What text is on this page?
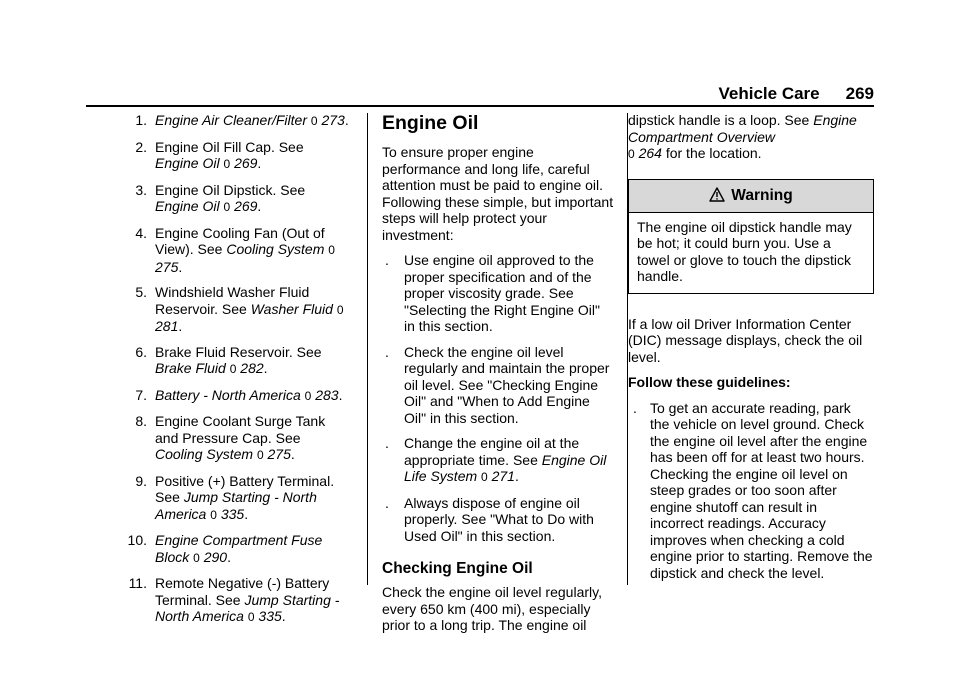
Vehicle Care 269
1. Engine Air Cleaner/Filter 0 273.
2. Engine Oil Fill Cap. See Engine Oil 0 269.
3. Engine Oil Dipstick. See Engine Oil 0 269.
4. Engine Cooling Fan (Out of View). See Cooling System 0 275.
5. Windshield Washer Fluid Reservoir. See Washer Fluid 0 281.
6. Brake Fluid Reservoir. See Brake Fluid 0 282.
7. Battery - North America 0 283.
8. Engine Coolant Surge Tank and Pressure Cap. See Cooling System 0 275.
9. Positive (+) Battery Terminal. See Jump Starting - North America 0 335.
10. Engine Compartment Fuse Block 0 290.
11. Remote Negative (-) Battery Terminal. See Jump Starting - North America 0 335.
Engine Oil

To ensure proper engine performance and long life, careful attention must be paid to engine oil. Following these simple, but important steps will help protect your investment:

. Use engine oil approved to the proper specification and of the proper viscosity grade. See "Selecting the Right Engine Oil" in this section.
. Check the engine oil level regularly and maintain the proper oil level. See "Checking Engine Oil" and "When to Add Engine Oil" in this section.
. Change the engine oil at the appropriate time. See Engine Oil Life System 0 271.
. Always dispose of engine oil properly. See "What to Do with Used Oil" in this section.
Checking Engine Oil

Check the engine oil level regularly, every 650 km (400 mi), especially prior to a long trip. The engine oil

dipstick handle is a loop. See Engine Compartment Overview
0 264 for the location.

Warning
The engine oil dipstick handle may be hot; it could burn you. Use a towel or glove to touch the dipstick handle.

If a low oil Driver Information Center (DIC) message displays, check the oil level.

Follow these guidelines:

. To get an accurate reading, park the vehicle on level ground. Check the engine oil level after the engine has been off for at least two hours. Checking the engine oil level on steep grades or too soon after engine shutoff can result in incorrect readings. Accuracy improves when checking a cold engine prior to starting. Remove the dipstick and check the level.
